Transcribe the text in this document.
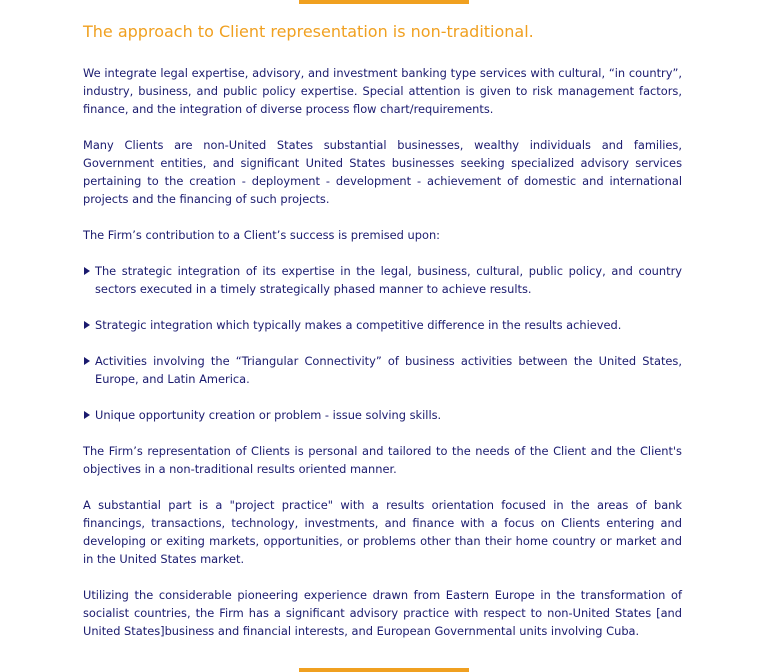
The approach to Client representation is non-traditional.

We integrate legal expertise, advisory, and investment banking type services with cultural, “in country”, industry, business, and public policy expertise. Special attention is given to risk management factors, finance, and the integration of diverse process flow chart/requirements.

Many Clients are non-United States substantial businesses, wealthy individuals and families, Government entities, and significant United States businesses seeking specialized advisory services pertaining to the creation - deployment - development - achievement of domestic and international projects and the financing of such projects.

The Firm’s contribution to a Client’s success is premised upon:

The strategic integration of its expertise in the legal, business, cultural, public policy, and country sectors executed in a timely strategically phased manner to achieve results.
Strategic integration which typically makes a competitive difference in the results achieved.
Activities involving the “Triangular Connectivity” of business activities between the United States, Europe, and Latin America.
Unique opportunity creation or problem - issue solving skills.

The Firm’s representation of Clients is personal and tailored to the needs of the Client and the Client's objectives in a non-traditional results oriented manner.

A substantial part is a "project practice" with a results orientation focused in the areas of bank financings, transactions, technology, investments, and finance with a focus on Clients entering and developing or exiting markets, opportunities, or problems other than their home country or market and in the United States market.

Utilizing the considerable pioneering experience drawn from Eastern Europe in the transformation of socialist countries, the Firm has a significant advisory practice with respect to non-United States [and United States]business and financial interests, and European Governmental units involving Cuba.
